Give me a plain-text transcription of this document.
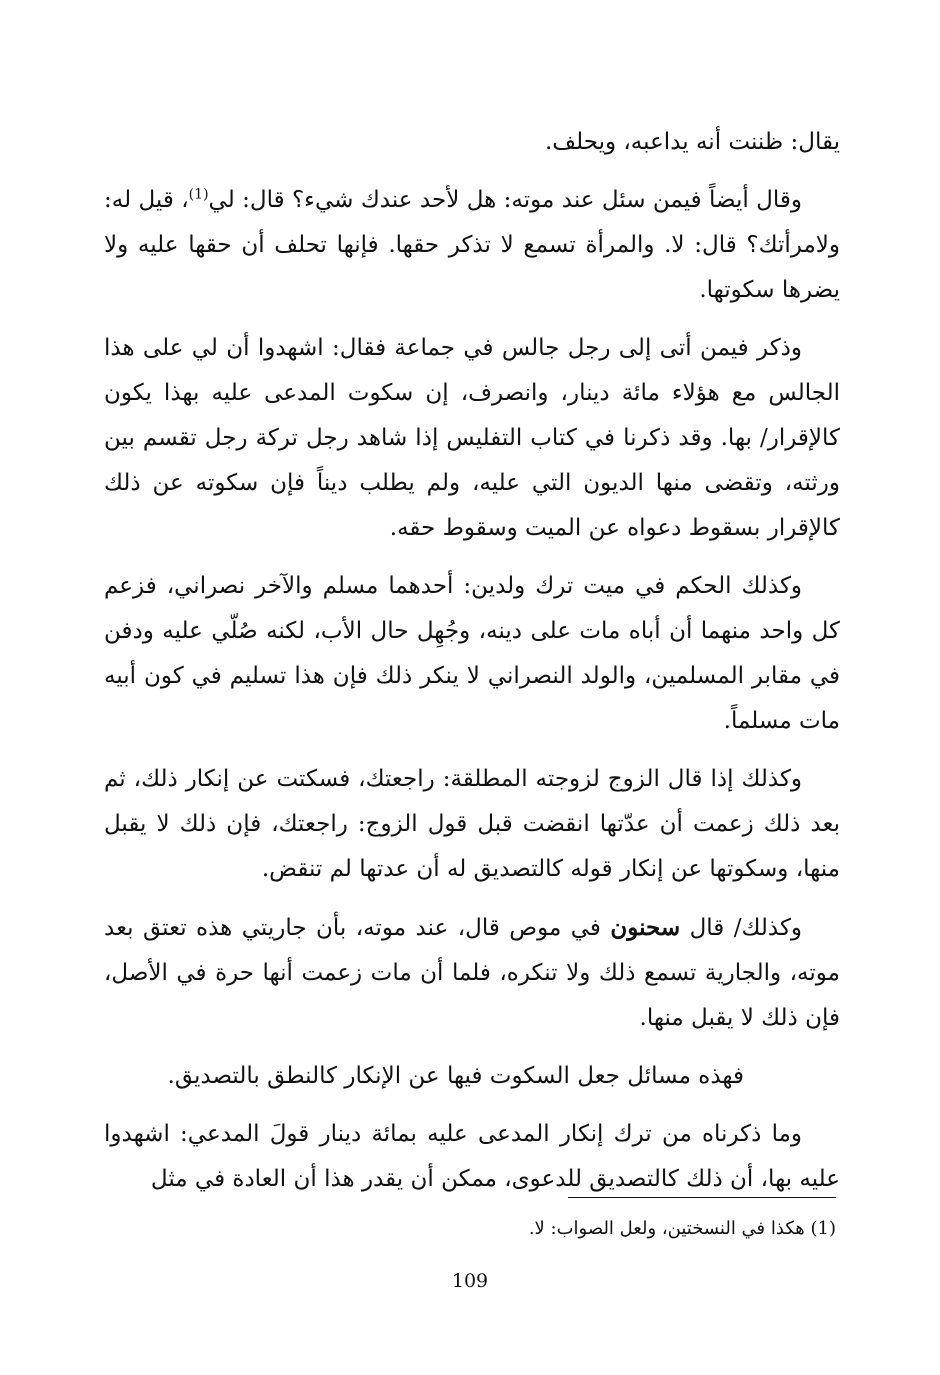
يقال: ظننت أنه يداعبه، ويحلف.

وقال أيضاً فيمن سئل عند موته: هل لأحد عندك شيء؟ قال: لي$^{(1)}$، قيل له: ولامرأتك؟ قال: لا. والمرأة تسمع لا تذكر حقها. فإنها تحلف أن حقها عليه ولا يضرها سكوتها.

وذكر فيمن أتى إلى رجل جالس في جماعة فقال: اشهدوا أن لي على هذا الجالس مع هؤلاء مائة دينار، وانصرف، إن سكوت المدعى عليه بهذا يكون كالإقرار/ بها. وقد ذكرنا في كتاب التفليس إذا شاهد رجل تركة رجل تقسم بين ورثته، وتقضى منها الديون التي عليه، ولم يطلب ديناً فإن سكوته عن ذلك كالإقرار بسقوط دعواه عن الميت وسقوط حقه.

وكذلك الحكم في ميت ترك ولدين: أحدهما مسلم والآخر نصراني، فزعم كل واحد منهما أن أباه مات على دينه، وجُهِل حال الأب، لكنه صُلّي عليه ودفن في مقابر المسلمين، والولد النصراني لا ينكر ذلك فإن هذا تسليم في كون أبيه مات مسلماً.

وكذلك إذا قال الزوج لزوجته المطلقة: راجعتك، فسكتت عن إنكار ذلك، ثم بعد ذلك زعمت أن عدّتها انقضت قبل قول الزوج: راجعتك، فإن ذلك لا يقبل منها، وسكوتها عن إنكار قوله كالتصديق له أن عدتها لم تنقض.

وكذلك/ قال سحنون في موص قال، عند موته، بأن جاريتي هذه تعتق بعد موته، والجارية تسمع ذلك ولا تنكره، فلما أن مات زعمت أنها حرة في الأصل، فإن ذلك لا يقبل منها.

فهذه مسائل جعل السكوت فيها عن الإنكار كالنطق بالتصديق.

وما ذكرناه من ترك إنكار المدعى عليه بمائة دينار قولَ المدعي: اشهدوا عليه بها، أن ذلك كالتصديق للدعوى، ممكن أن يقدر هذا أن العادة في مثل

(1) هكذا في النسختين، ولعل الصواب: لا.
109
